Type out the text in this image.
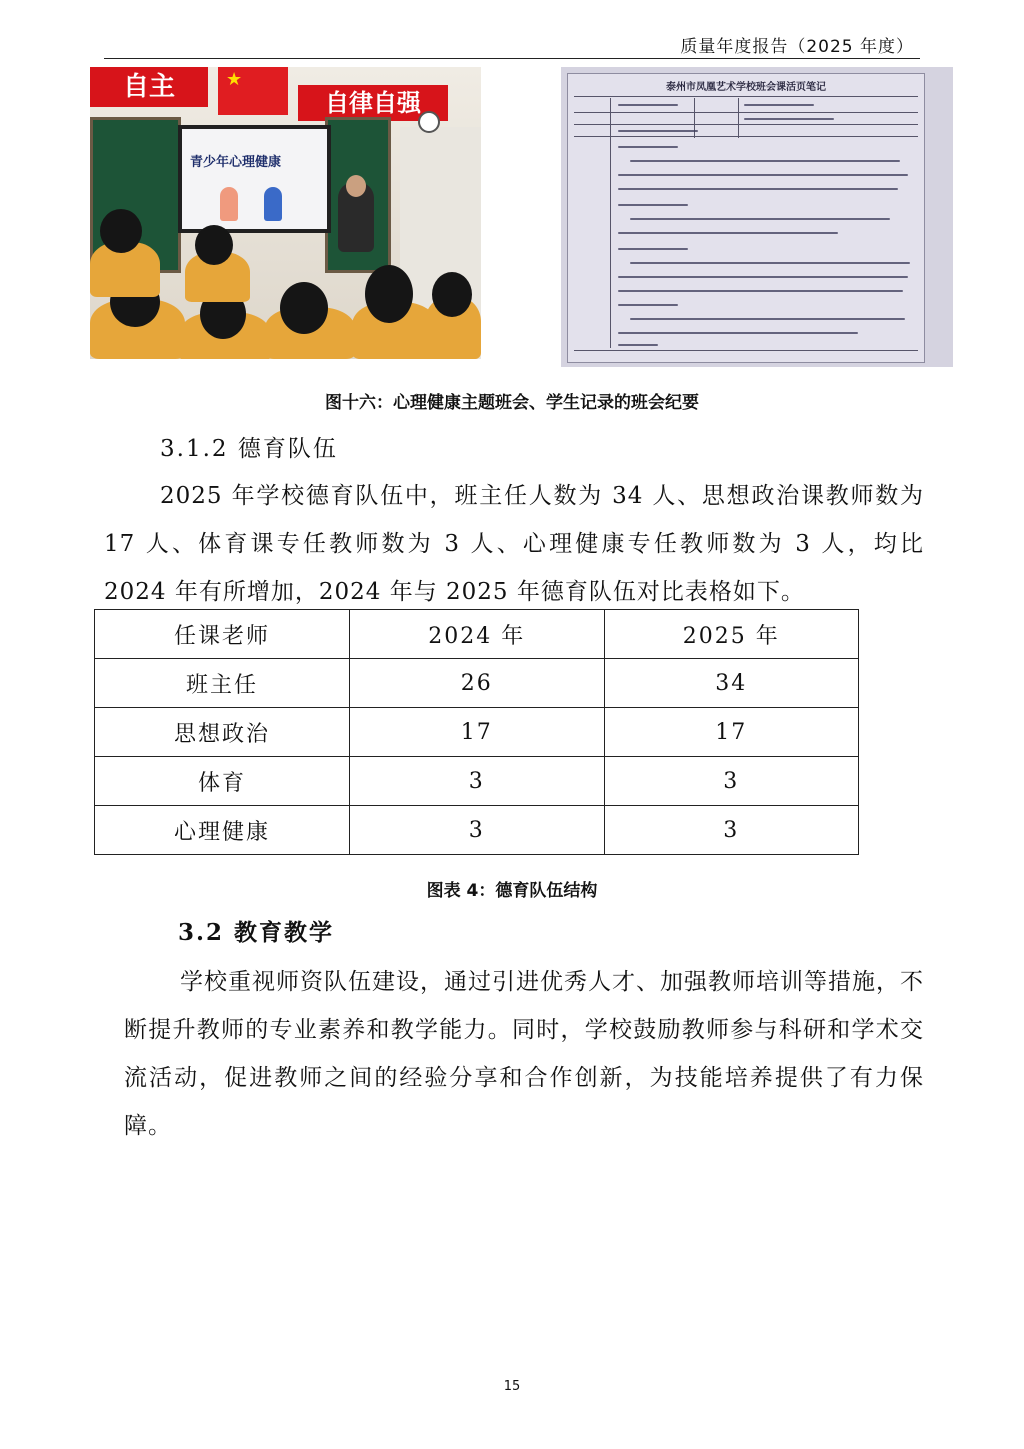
质量年度报告（2025 年度）
自主
★
自律自强
青少年心理健康
泰州市凤凰艺术学校班会课活页笔记
图十六：心理健康主题班会、学生记录的班会纪要
3.1.2 德育队伍

2025 年学校德育队伍中，班主任人数为 34 人、思想政治课教师数为 17 人、体育课专任教师数为 3 人、心理健康专任教师数为 3 人，均比 2024 年有所增加，2024 年与 2025 年德育队伍对比表格如下。

任课老师	2024 年	2025 年
班主任	26	34
思想政治	17	17
体育	3	3
心理健康	3	3
图表 4：德育队伍结构
3.2 教育教学

学校重视师资队伍建设，通过引进优秀人才、加强教师培训等措施，不断提升教师的专业素养和教学能力。同时，学校鼓励教师参与科研和学术交流活动，促进教师之间的经验分享和合作创新，为技能培养提供了有力保障。

15
